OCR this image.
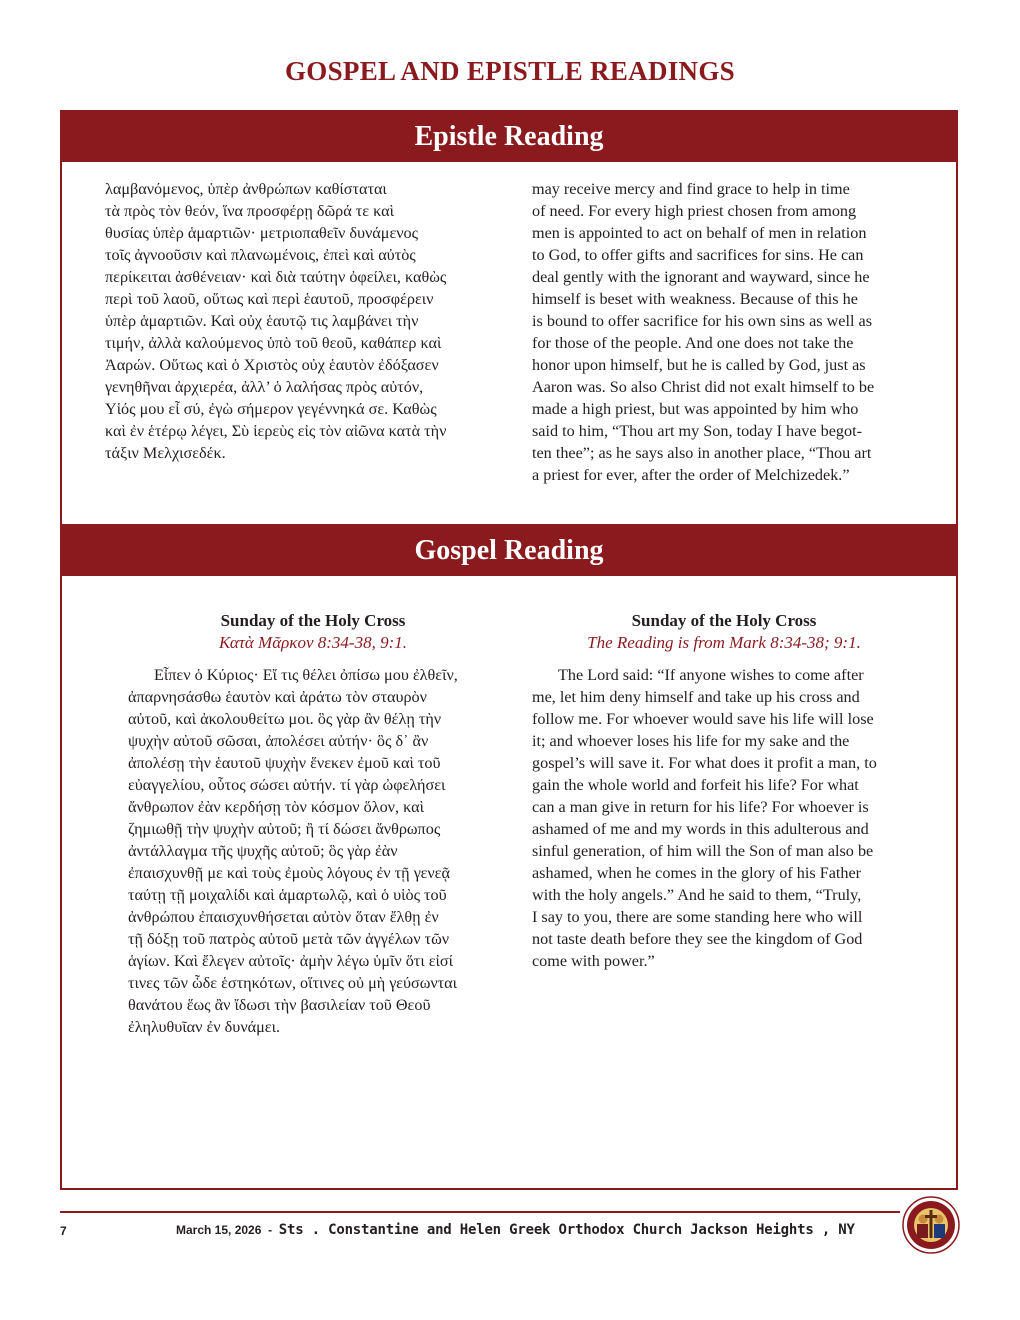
GOSPEL AND EPISTLE READINGS
Epistle Reading

λαμβανόμενος, ὑπὲρ ἀνθρώπων καθίσταται

τὰ πρὸς τὸν θεόν, ἵνα προσφέρῃ δῶρά τε καὶ

θυσίας ὑπὲρ ἁμαρτιῶν· μετριοπαθεῖν δυνάμενος

τοῖς ἀγνοοῦσιν καὶ πλανωμένοις, ἐπεὶ καὶ αὐτὸς

περίκειται ἀσθένειαν· καὶ διὰ ταύτην ὀφείλει, καθὼς

περὶ τοῦ λαοῦ, οὕτως καὶ περὶ ἑαυτοῦ, προσφέρειν

ὑπὲρ ἁμαρτιῶν. Καὶ οὐχ ἑαυτῷ τις λαμβάνει τὴν

τιμήν, ἀλλὰ καλούμενος ὑπὸ τοῦ θεοῦ, καθάπερ καὶ

Ἀαρών. Οὕτως καὶ ὁ Χριστὸς οὐχ ἑαυτὸν ἐδόξασεν

γενηθῆναι ἀρχιερέα, ἀλλ’ ὁ λαλήσας πρὸς αὐτόν,

Υἱός μου εἶ σύ, ἐγὼ σήμερον γεγέννηκά σε. Καθὼς

καὶ ἐν ἑτέρῳ λέγει, Σὺ ἱερεὺς εἰς τὸν αἰῶνα κατὰ τὴν

τάξιν Μελχισεδέκ.

may receive mercy and find grace to help in time

of need. For every high priest chosen from among

men is appointed to act on behalf of men in relation

to God, to offer gifts and sacrifices for sins. He can

deal gently with the ignorant and wayward, since he

himself is beset with weakness. Because of this he

is bound to offer sacrifice for his own sins as well as

for those of the people. And one does not take the

honor upon himself, but he is called by God, just as

Aaron was. So also Christ did not exalt himself to be

made a high priest, but was appointed by him who

said to him, “Thou art my Son, today I have begot-

ten thee”; as he says also in another place, “Thou art

a priest for ever, after the order of Melchizedek.”

Gospel Reading

Sunday of the Holy Cross

Κατὰ Μᾶρκον 8:34-38, 9:1.

Εἶπεν ὁ Κύριος· Εἴ τις θέλει ὀπίσω μου ἐλθεῖν,

ἀπαρνησάσθω ἑαυτὸν καὶ ἀράτω τὸν σταυρὸν

αὐτοῦ, καὶ ἀκολουθείτω μοι. ὃς γὰρ ἂν θέλῃ τὴν

ψυχὴν αὐτοῦ σῶσαι, ἀπολέσει αὐτήν· ὃς δ᾿ ἂν

ἀπολέσῃ τὴν ἑαυτοῦ ψυχὴν ἕνεκεν ἐμοῦ καὶ τοῦ

εὐαγγελίου, οὗτος σώσει αὐτήν. τί γὰρ ὠφελήσει

ἄνθρωπον ἐὰν κερδήσῃ τὸν κόσμον ὅλον, καὶ

ζημιωθῇ τὴν ψυχὴν αὐτοῦ; ἢ τί δώσει ἄνθρωπος

ἀντάλλαγμα τῆς ψυχῆς αὐτοῦ; ὃς γὰρ ἐὰν

ἐπαισχυνθῇ με καὶ τοὺς ἐμοὺς λόγους ἐν τῇ γενεᾷ

ταύτῃ τῇ μοιχαλίδι καὶ ἁμαρτωλῷ, καὶ ὁ υἱὸς τοῦ

ἀνθρώπου ἐπαισχυνθήσεται αὐτὸν ὅταν ἔλθῃ ἐν

τῇ δόξῃ τοῦ πατρὸς αὐτοῦ μετὰ τῶν ἀγγέλων τῶν

ἁγίων. Καὶ ἔλεγεν αὐτοῖς· ἀμὴν λέγω ὑμῖν ὅτι εἰσί

τινες τῶν ὧδε ἑστηκότων, οἵτινες οὐ μὴ γεύσωνται

θανάτου ἕως ἂν ἴδωσι τὴν βασιλείαν τοῦ Θεοῦ

ἐληλυθυῖαν ἐν δυνάμει.

Sunday of the Holy Cross

The Reading is from Mark 8:34-38; 9:1.

The Lord said: “If anyone wishes to come after

me, let him deny himself and take up his cross and

follow me. For whoever would save his life will lose

it; and whoever loses his life for my sake and the

gospel’s will save it. For what does it profit a man, to

gain the whole world and forfeit his life? For what

can a man give in return for his life? For whoever is

ashamed of me and my words in this adulterous and

sinful generation, of him will the Son of man also be

ashamed, when he comes in the glory of his Father

with the holy angels.” And he said to them, “Truly,

I say to you, there are some standing here who will

not taste death before they see the kingdom of God

come with power.”

7	March 15, 2026 - Sts . Constantine and Helen Greek Orthodox Church Jackson Heights , NY
